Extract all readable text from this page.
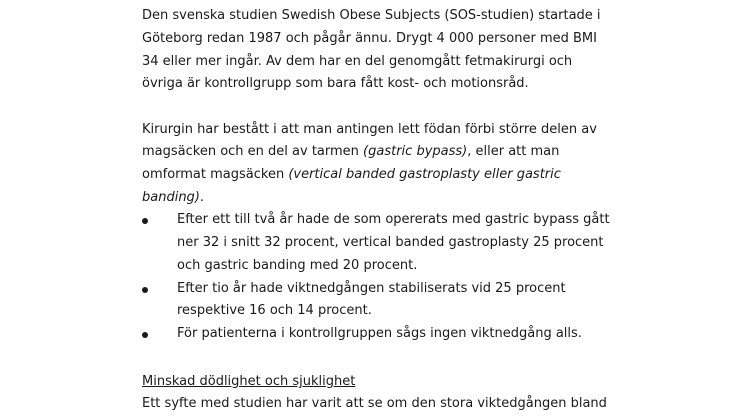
Den svenska studien Swedish Obese Subjects (SOS-studien) startade i
Göteborg redan 1987 och pågår ännu. Drygt 4 000 personer med BMI
34 eller mer ingår. Av dem har en del genomgått fetmakirurgi och
övriga är kontrollgrupp som bara fått kost- och motionsråd.
Kirurgin har bestått i att man antingen lett födan förbi större delen av
magsäcken och en del av tarmen (gastric bypass), eller att man
omformat magsäcken (vertical banded gastroplasty eller gastric
banding).
Efter ett till två år hade de som opererats med gastric bypass gått
ner 32 i snitt 32 procent, vertical banded gastroplasty 25 procent
och gastric banding med 20 procent.
Efter tio år hade viktnedgången stabiliserats vid 25 procent
respektive 16 och 14 procent.
För patienterna i kontrollgruppen sågs ingen viktnedgång alls.
Minskad dödlighet och sjuklighet
Ett syfte med studien har varit att se om den stora viktedgången bland
